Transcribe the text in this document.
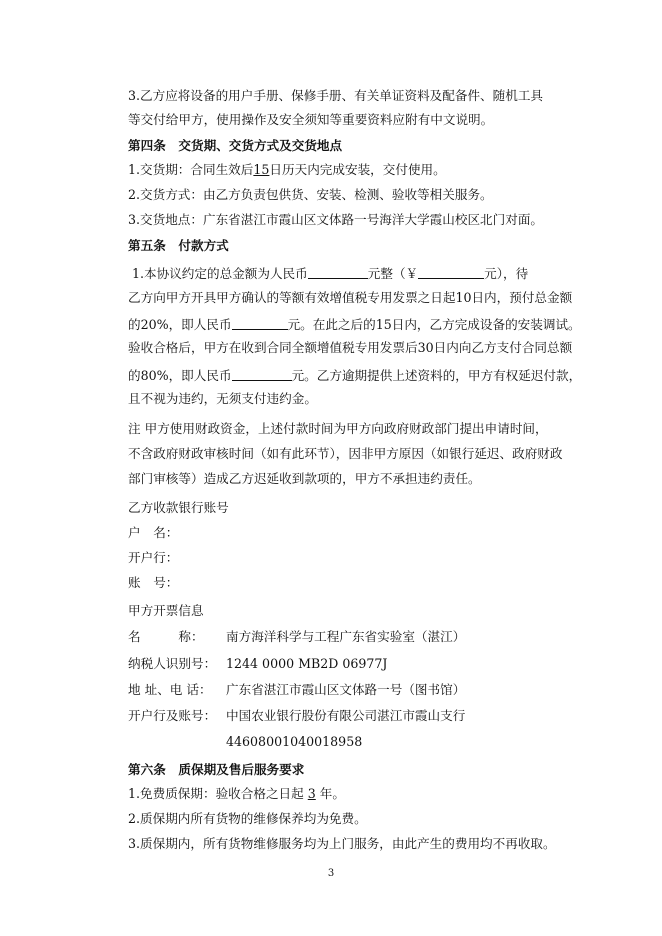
3.乙方应将设备的用户手册、保修手册、有关单证资料及配备件、随机工具
等交付给甲方，使用操作及安全须知等重要资料应附有中文说明。
第四条　交货期、交货方式及交货地点
1.交货期：合同生效后15日历天内完成安装，交付使用。
2.交货方式：由乙方负责包供货、安装、检测、验收等相关服务。
3.交货地点：广东省湛江市霞山区文体路一号海洋大学霞山校区北门对面。
第五条　付款方式
1.本协议约定的总金额为人民币	元整（￥	元），待
乙方向甲方开具甲方确认的等额有效增值税专用发票之日起10日内，预付总金额
的20%，即人民币	元。在此之后的15日内，乙方完成设备的安装调试。
验收合格后，甲方在收到合同全额增值税专用发票后30日内向乙方支付合同总额
的80%，即人民币	元。乙方逾期提供上述资料的，甲方有权延迟付款，
且不视为违约，无须支付违约金。
注 甲方使用财政资金，上述付款时间为甲方向政府财政部门提出申请时间，
不含政府财政审核时间（如有此环节），因非甲方原因（如银行延迟、政府财政
部门审核等）造成乙方迟延收到款项的，甲方不承担违约责任。
乙方收款银行账号
户　名：
开户行：
账　号：
甲方开票信息
名　　　称： 南方海洋科学与工程广东省实验室（湛江）
纳税人识别号： 1244 0000 MB2D 06977J
地 址、电 话： 广东省湛江市霞山区文体路一号（图书馆）
开户行及账号： 中国农业银行股份有限公司湛江市霞山支行
44608001040018958
第六条　质保期及售后服务要求
1.免费质保期：验收合格之日起 3 年。
2.质保期内所有货物的维修保养均为免费。
3.质保期内，所有货物维修服务均为上门服务，由此产生的费用均不再收取。
3
